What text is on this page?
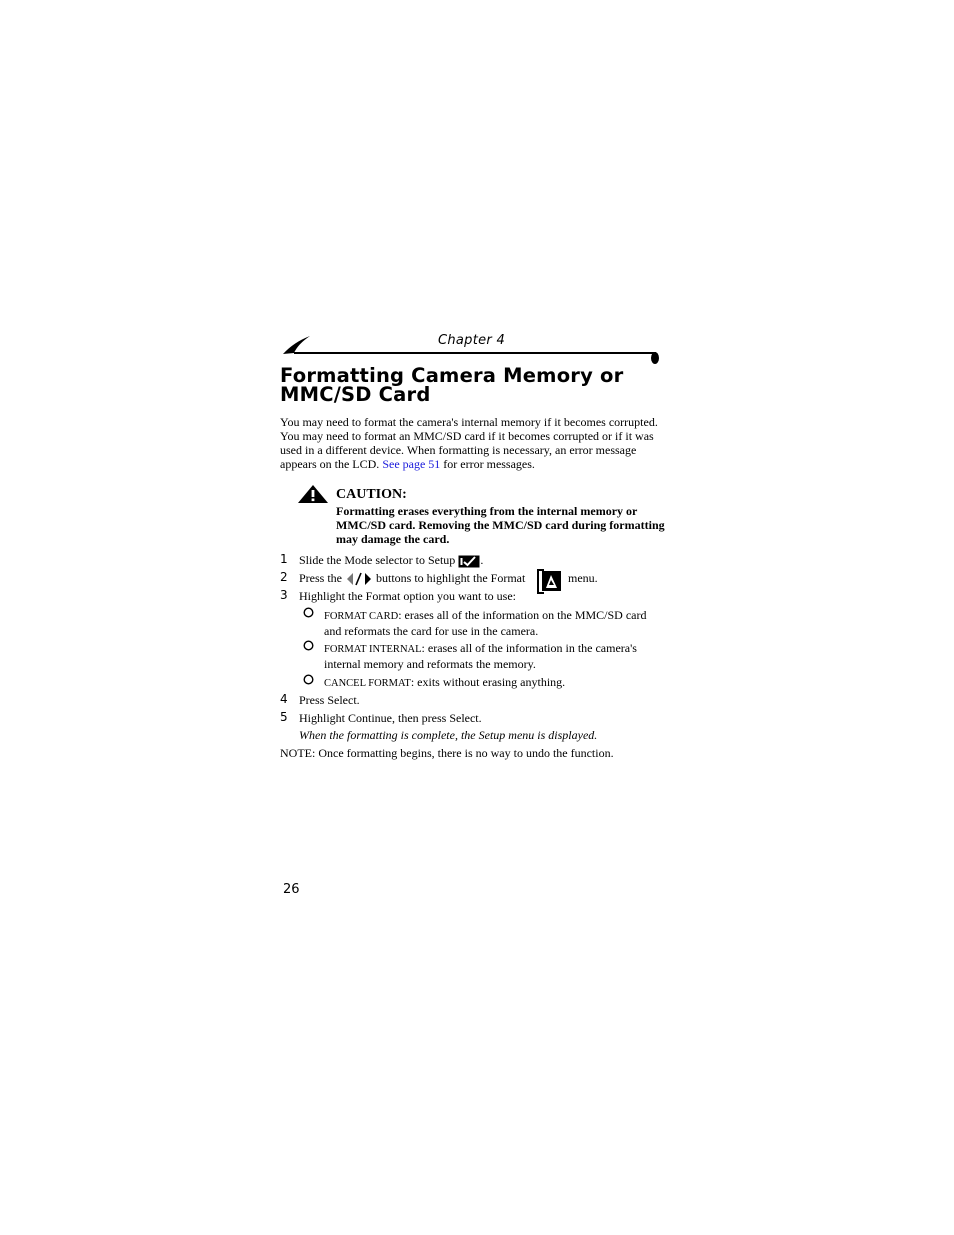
Chapter 4
Formatting Camera Memory or MMC/SD Card
You may need to format the camera's internal memory if it becomes corrupted. You may need to format an MMC/SD card if it becomes corrupted or if it was used in a different device. When formatting is necessary, an error message appears on the LCD. See page 51 for error messages.
CAUTION:
Formatting erases everything from the internal memory or MMC/SD card. Removing the MMC/SD card during formatting may damage the card.
1 Slide the Mode selector to Setup .
2 Press the	buttons to highlight the Format	menu.
3 Highlight the Format option you want to use:
FORMAT CARD: erases all of the information on the MMC/SD card and reformats the card for use in the camera.
FORMAT INTERNAL: erases all of the information in the camera's internal memory and reformats the memory.
CANCEL FORMAT: exits without erasing anything.
4 Press Select.
5 Highlight Continue, then press Select.
When the formatting is complete, the Setup menu is displayed.
NOTE: Once formatting begins, there is no way to undo the function.
26
